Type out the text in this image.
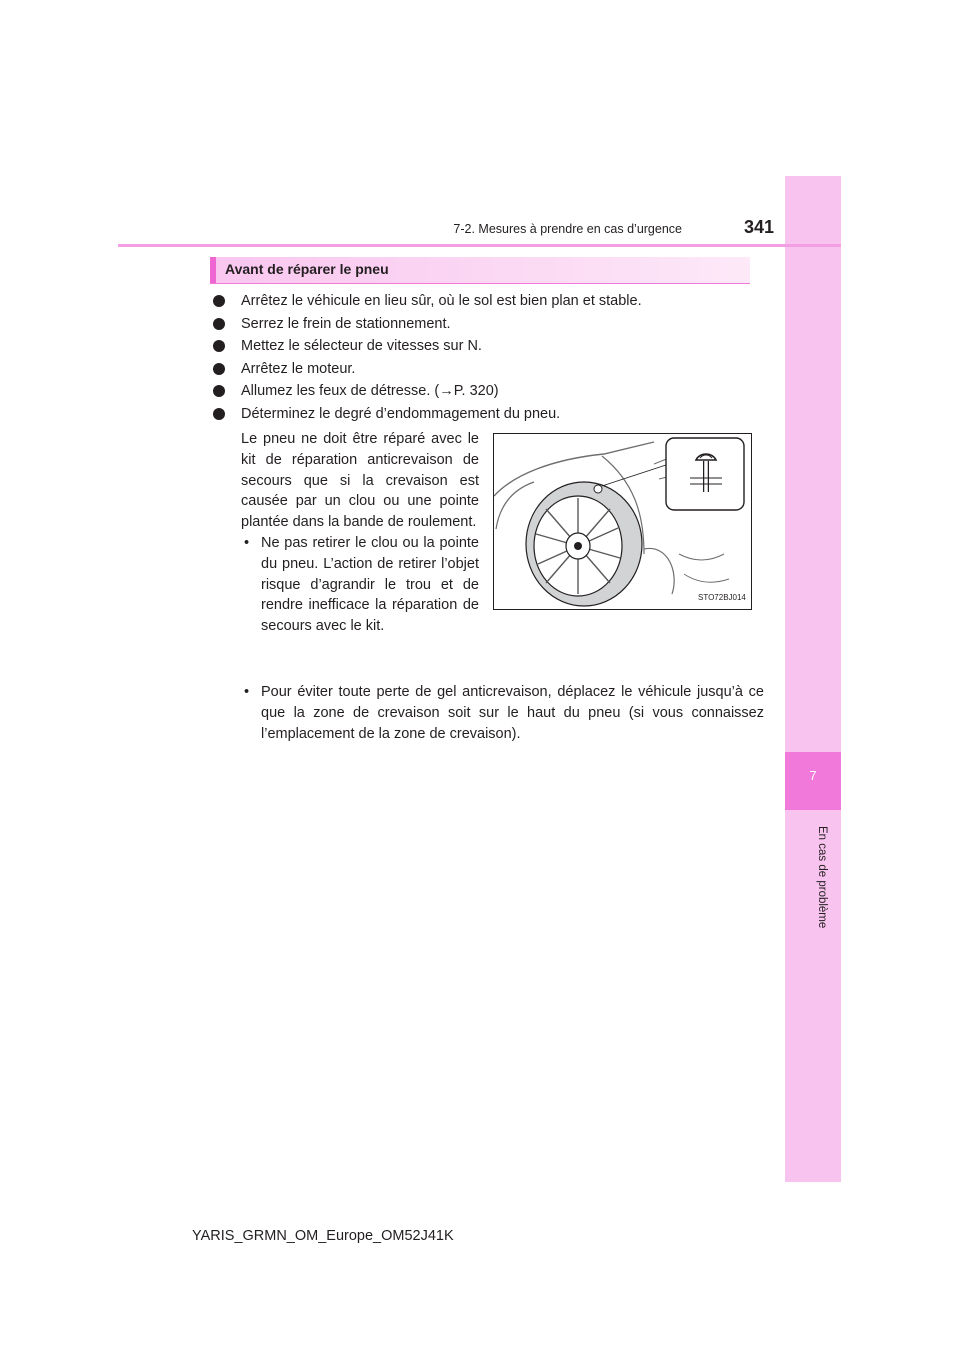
7
En cas de problème
7-2. Mesures à prendre en cas d’urgence	341
Avant de réparer le pneu
Arrêtez le véhicule en lieu sûr, où le sol est bien plan et stable.
Serrez le frein de stationnement.
Mettez le sélecteur de vitesses sur N.
Arrêtez le moteur.
Allumez les feux de détresse. (→P. 320)
Déterminez le degré d’endommagement du pneu.
Le pneu ne doit être réparé avec le kit de réparation anticrevaison de secours que si la crevaison est causée par un clou ou une pointe plantée dans la bande de roulement.
• Ne pas retirer le clou ou la pointe du pneu. L’action de retirer l’objet risque d’agrandir le trou et de rendre inefficace la réparation de secours avec le kit.
• Pour éviter toute perte de gel anticrevaison, déplacez le véhicule jusqu’à ce que la zone de crevaison soit sur le haut du pneu (si vous connaissez l’emplacement de la zone de crevaison).
STO72BJ014
YARIS_GRMN_OM_Europe_OM52J41K
